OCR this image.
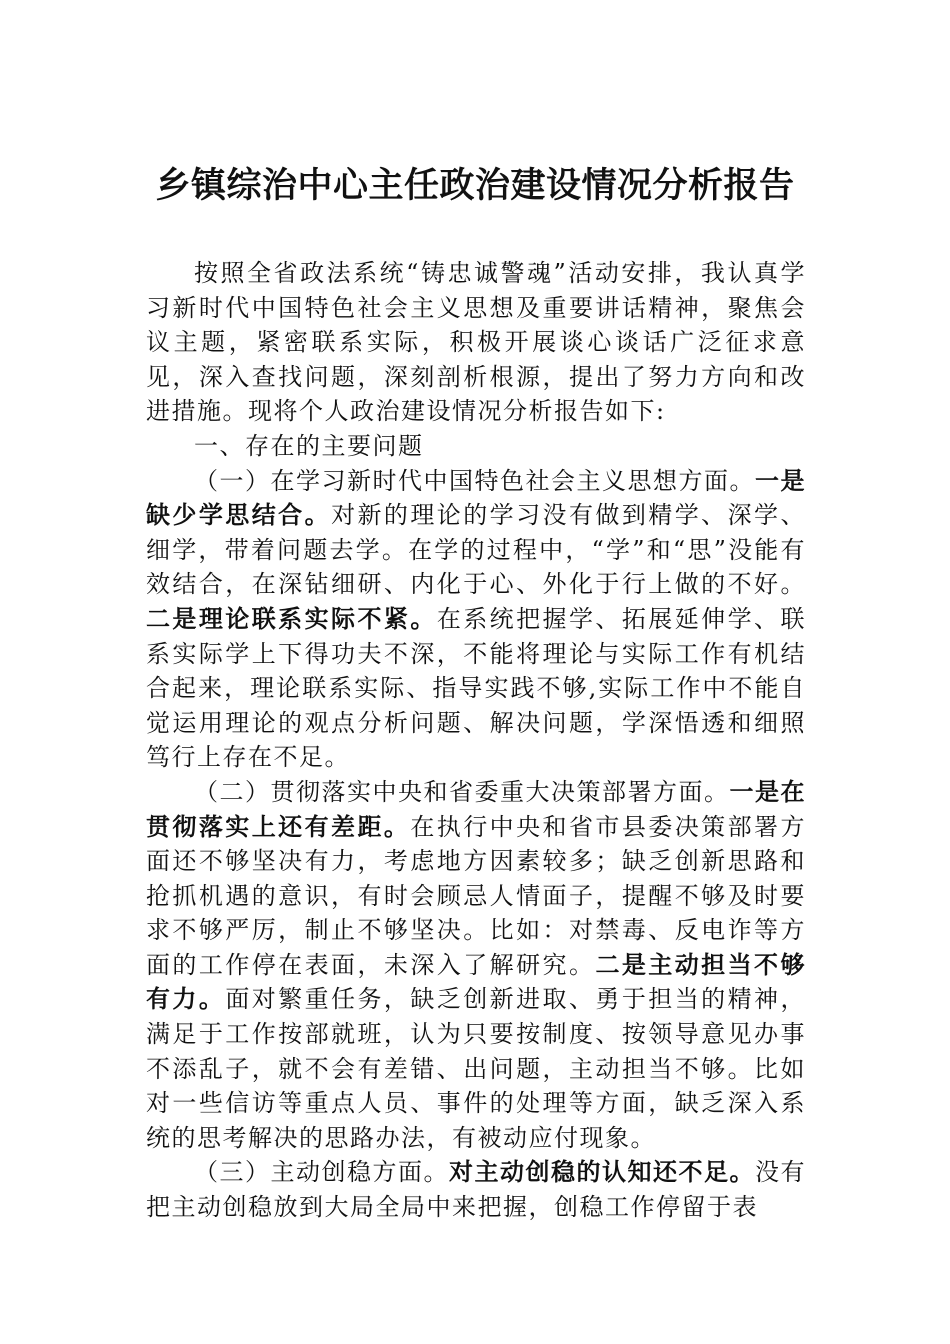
乡镇综治中心主任政治建设情况分析报告

按照全省政法系统“铸忠诚警魂”活动安排，我认真学习新时代中国特色社会主义思想及重要讲话精神，聚焦会议主题，紧密联系实际，积极开展谈心谈话广泛征求意见，深入查找问题，深刻剖析根源，提出了努力方向和改进措施。现将个人政治建设情况分析报告如下:

一、存在的主要问题

（一）在学习新时代中国特色社会主义思想方面。一是缺少学思结合。对新的理论的学习没有做到精学、深学、细学，带着问题去学。在学的过程中，“学”和“思”没能有效结合，在深钻细研、内化于心、外化于行上做的不好。二是理论联系实际不紧。在系统把握学、拓展延伸学、联系实际学上下得功夫不深，不能将理论与实际工作有机结合起来，理论联系实际、指导实践不够,实际工作中不能自觉运用理论的观点分析问题、解决问题，学深悟透和细照笃行上存在不足。

（二）贯彻落实中央和省委重大决策部署方面。一是在贯彻落实上还有差距。在执行中央和省市县委决策部署方面还不够坚决有力，考虑地方因素较多；缺乏创新思路和抢抓机遇的意识，有时会顾忌人情面子，提醒不够及时要求不够严厉，制止不够坚决。比如：对禁毒、反电诈等方面的工作停在表面，未深入了解研究。二是主动担当不够有力。面对繁重任务，缺乏创新进取、勇于担当的精神，满足于工作按部就班，认为只要按制度、按领导意见办事不添乱子，就不会有差错、出问题，主动担当不够。比如对一些信访等重点人员、事件的处理等方面，缺乏深入系统的思考解决的思路办法，有被动应付现象。

（三）主动创稳方面。对主动创稳的认知还不足。没有把主动创稳放到大局全局中来把握，创稳工作停留于表
